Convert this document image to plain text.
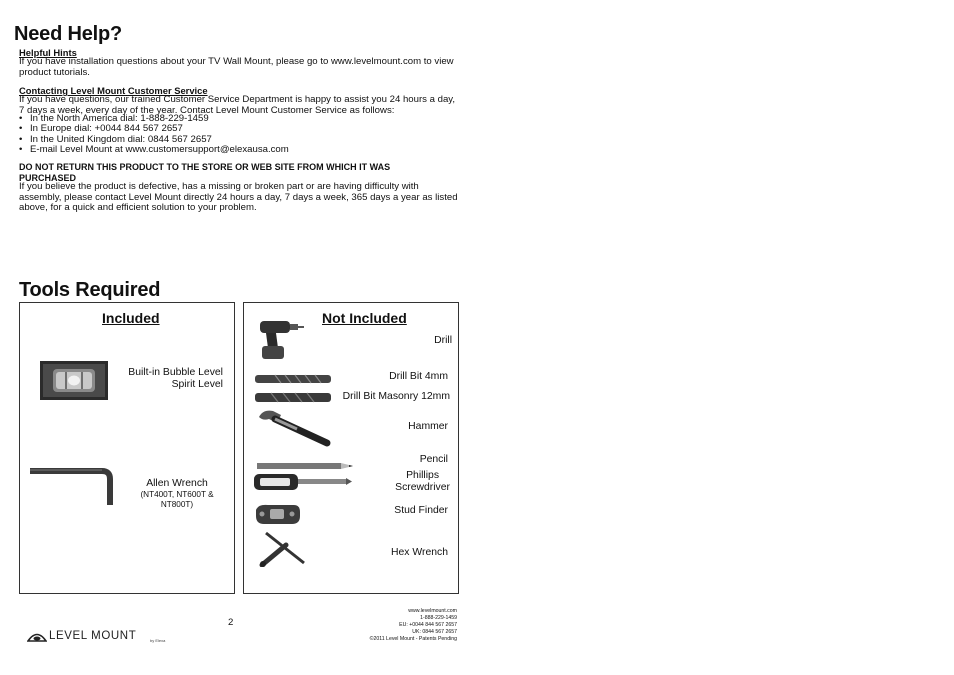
Need Help?
Helpful Hints
If you have installation questions about your TV Wall Mount, please go to www.levelmount.com to view
product tutorials.
Contacting Level Mount Customer Service
If you have questions, our trained Customer Service Department is happy to assist you 24 hours a day,
7 days a week, every day of the year. Contact Level Mount Customer Service as follows:
• In the North America dial: 1-888-229-1459
• In Europe dial: +0044 844 567 2657
• In the United Kingdom dial: 0844 567 2657
• E-mail Level Mount at www.customersupport@elexausa.com
DO NOT RETURN THIS PRODUCT TO THE STORE OR WEB SITE FROM WHICH IT WAS
PURCHASED
If you believe the product is defective, has a missing or broken part or are having difficulty with
assembly, please contact Level Mount directly 24 hours a day, 7 days a week, 365 days a year as listed
above, for a quick and efficient solution to your problem.
Tools Required
Included
Built-in Bubble Level
Spirit Level
Allen Wrench
(NT400T, NT600T &
NT800T)
Not Included
Drill
Drill Bit 4mm
Drill Bit Masonry 12mm
Hammer
Pencil
Phillips
Screwdriver
Stud Finder
Hex Wrench
2
LEVEL MOUNT	by Elexa
www.levelmount.com
1-888-229-1459
EU: +0044 844 567 2657
UK: 0844 567 2657
©2011 Level Mount - Patents Pending
